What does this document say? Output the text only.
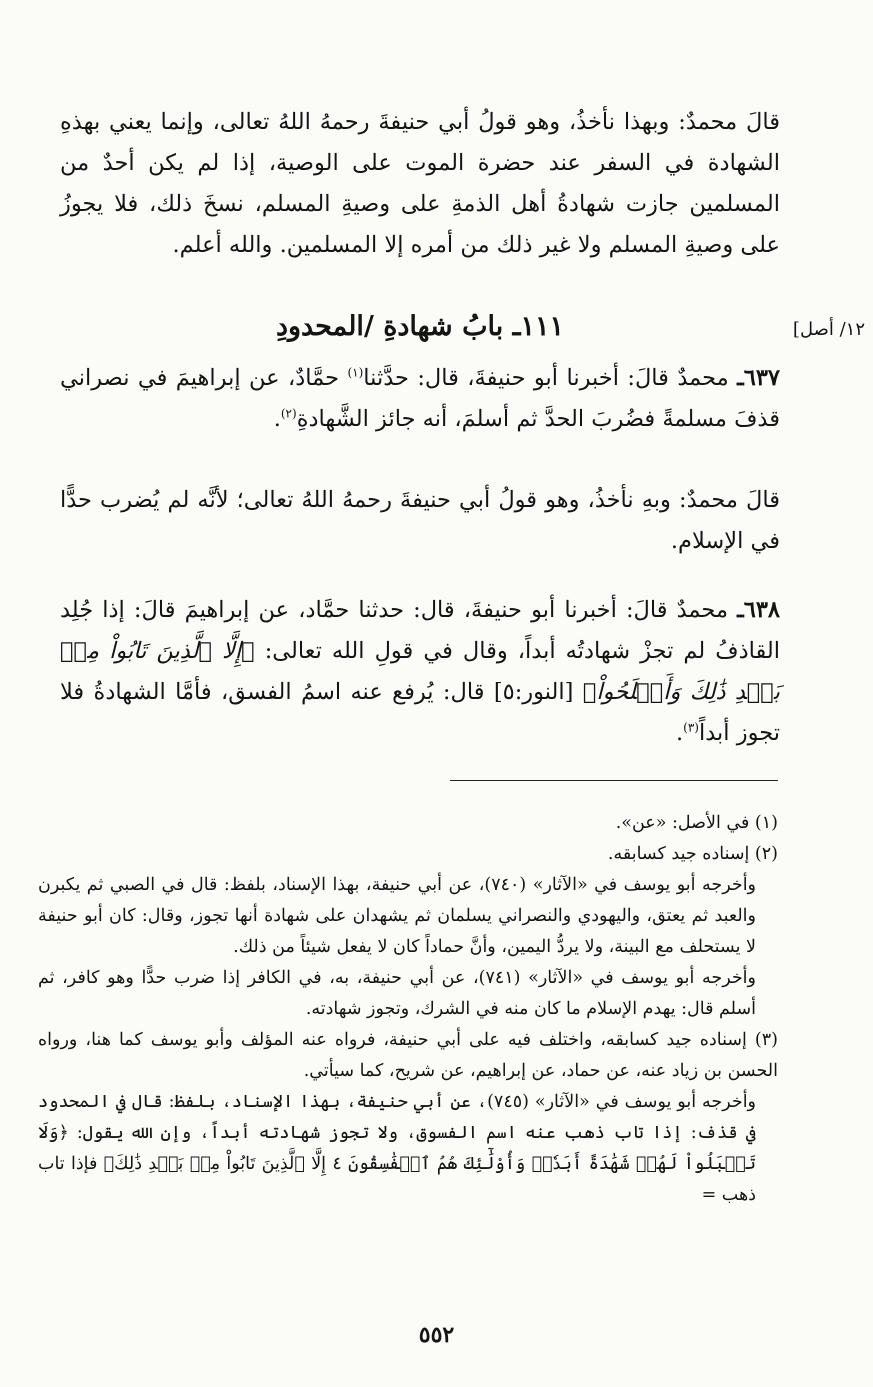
قالَ محمدٌ: وبهذا نأخذُ، وهو قولُ أبي حنيفةَ رحمهُ اللهُ تعالى، وإنما يعني بهذهِ الشهادة في السفر عند حضرة الموت على الوصية، إذا لم يكن أحدٌ من المسلمين جازت شهادةُ أهل الذمةِ على وصيةِ المسلم، نسخَ ذلك، فلا يجوزُ على وصيةِ المسلم ولا غير ذلك من أمره إلا المسلمين. والله أعلم.

١١١ـ بابُ شهادةِ /المحدودِ	١٢/ أصل]

٦٣٧ـ محمدٌ قالَ: أخبرنا أبو حنيفةَ، قال: حدَّثنا$^{(١)}$ حمَّادٌ، عن إبراهيمَ في نصراني قذفَ مسلمةً فضُربَ الحدَّ ثم أسلمَ، أنه جائز الشَّهادةِ$^{(٢)}$.

قالَ محمدٌ: وبهِ نأخذُ، وهو قولُ أبي حنيفةَ رحمهُ اللهُ تعالى؛ لأنَّه لم يُضرب حدًّا في الإسلام.

٦٣٨ـ محمدٌ قالَ: أخبرنا أبو حنيفةَ، قال: حدثنا حمَّاد، عن إبراهيمَ قالَ: إذا جُلِد القاذفُ لم تجزْ شهادتُه أبداً، وقال في قولِ الله تعالى: ﴿إِلَّا ٱلَّذِينَ تَابُواْ مِنۢ بَعۡدِ ذَٰلِكَ وَأَصۡلَحُواْ﴾ [النور:٥] قال: يُرفع عنه اسمُ الفسق، فأمَّا الشهادةُ فلا تجوز أبداً$^{(٣)}$.

(١) في الأصل: «عن».

(٢) إسناده جيد كسابقه.

وأخرجه أبو يوسف في «الآثار» (٧٤٠)، عن أبي حنيفة، بهذا الإسناد، بلفظ: قال في الصبي ثم يكبرن والعبد ثم يعتق، واليهودي والنصراني يسلمان ثم يشهدان على شهادة أنها تجوز، وقال: كان أبو حنيفة لا يستحلف مع البينة، ولا يردُّ اليمين، وأنَّ حماداً كان لا يفعل شيئاً من ذلك.

وأخرجه أبو يوسف في «الآثار» (٧٤١)، عن أبي حنيفة، به، في الكافر إذا ضرب حدًّا وهو كافر، ثم أسلم قال: يهدم الإسلام ما كان منه في الشرك، وتجوز شهادته.

(٣) إسناده جيد كسابقه، واختلف فيه على أبي حنيفة، فرواه عنه المؤلف وأبو يوسف كما هنا، ورواه الحسن بن زياد عنه، عن حماد، عن إبراهيم، عن شريح، كما سيأتي.

وأخرجه أبو يوسف في «الآثار» (٧٤٥)، عن أبي حنيفة، بهذا الإسناد، بلفظ: قال في المحدود في قذف: إذا تاب ذهب عنه اسم الفسوق، ولا تجوز شهادته أبداً، وإن الله يقول: ﴿وَلَا تَقۡبَلُواْ لَهُمۡ شَهَٰدَةً أَبَدٗاۚ وَأُوْلَٰٓئِكَ هُمُ ٱلۡفَٰسِقُونَ ٤ إِلَّا ٱلَّذِينَ تَابُواْ مِنۢ بَعۡدِ ذَٰلِكَ﴾ فإذا تاب ذهب =

٥٥٢
